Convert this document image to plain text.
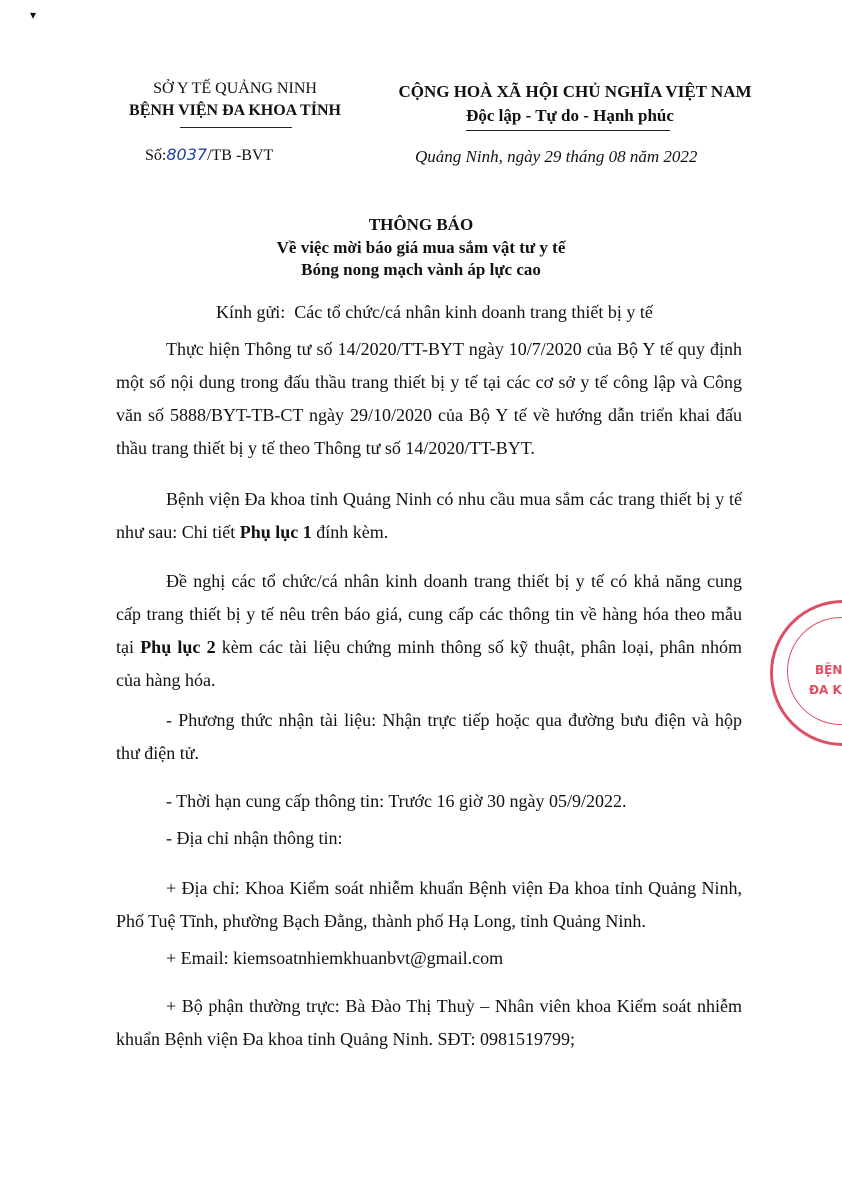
SỞ Y TẾ QUẢNG NINH
BỆNH VIỆN ĐA KHOA TỈNH
Số:8037/TB -BVT
CỘNG HOÀ XÃ HỘI CHỦ NGHĨA VIỆT NAM
Độc lập - Tự do - Hạnh phúc
Quảng Ninh, ngày 29 tháng 08 năm 2022
THÔNG BÁO
Về việc mời báo giá mua sắm vật tư y tế
Bóng nong mạch vành áp lực cao
Kính gửi: Các tổ chức/cá nhân kinh doanh trang thiết bị y tế
Thực hiện Thông tư số 14/2020/TT-BYT ngày 10/7/2020 của Bộ Y tế quy định một số nội dung trong đấu thầu trang thiết bị y tế tại các cơ sở y tế công lập và Công văn số 5888/BYT-TB-CT ngày 29/10/2020 của Bộ Y tế về hướng dẫn triển khai đấu thầu trang thiết bị y tế theo Thông tư số 14/2020/TT-BYT.
Bệnh viện Đa khoa tỉnh Quảng Ninh có nhu cầu mua sắm các trang thiết bị y tế như sau: Chi tiết Phụ lục 1 đính kèm.
Đề nghị các tổ chức/cá nhân kinh doanh trang thiết bị y tế có khả năng cung cấp trang thiết bị y tế nêu trên báo giá, cung cấp các thông tin về hàng hóa theo mẫu tại Phụ lục 2 kèm các tài liệu chứng minh thông số kỹ thuật, phân loại, phân nhóm của hàng hóa.
- Phương thức nhận tài liệu: Nhận trực tiếp hoặc qua đường bưu điện và hộp thư điện tử.
- Thời hạn cung cấp thông tin: Trước 16 giờ 30 ngày 05/9/2022.
- Địa chỉ nhận thông tin:
+ Địa chỉ: Khoa Kiểm soát nhiễm khuẩn Bệnh viện Đa khoa tỉnh Quảng Ninh, Phố Tuệ Tĩnh, phường Bạch Đằng, thành phố Hạ Long, tỉnh Quảng Ninh.
+ Email: kiemsoatnhiemkhuanbvt@gmail.com
+ Bộ phận thường trực: Bà Đào Thị Thuỳ – Nhân viên khoa Kiểm soát nhiễm khuẩn Bệnh viện Đa khoa tỉnh Quảng Ninh. SĐT: 0981519799;
BỆN
ĐA K
▾
